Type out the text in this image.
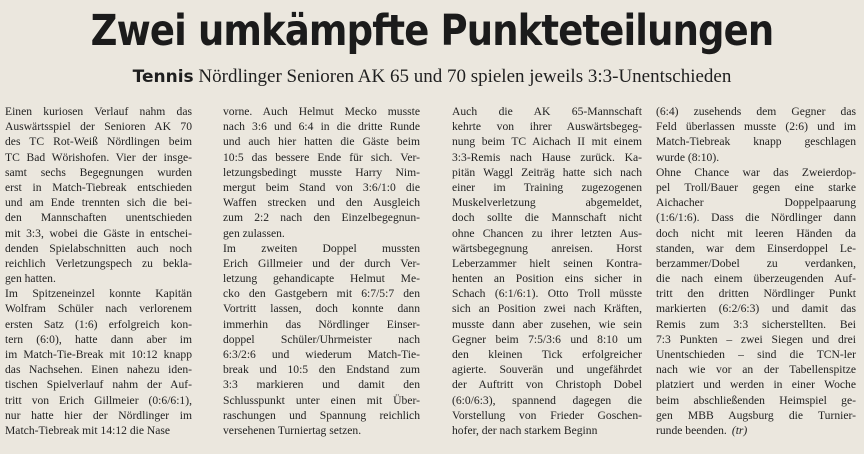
Zwei umkämpfte Punkteteilungen
Tennis Nördlinger Senioren AK 65 und 70 spielen jeweils 3:3-Unentschieden
Einen kuriosen Verlauf nahm das
Auswärtsspiel der Senioren AK 70
des TC Rot-Weiß Nördlingen beim
TC Bad Wörishofen. Vier der insge-
samt sechs Begegnungen wurden
erst in Match-Tiebreak entschieden
und am Ende trennten sich die bei-
den Mannschaften unentschieden
mit 3:3, wobei die Gäste in entschei-
denden Spielabschnitten auch noch
reichlich Verletzungspech zu bekla-
gen hatten.
Im Spitzeneinzel konnte Kapitän
Wolfram Schüler nach verlorenem
ersten Satz (1:6) erfolgreich kon-
tern (6:0), hatte dann aber im
im Match-Tie-Break mit 10:12 knapp
das Nachsehen. Einen nahezu iden-
tischen Spielverlauf nahm der Auf-
tritt von Erich Gillmeier (0:6/6:1),
nur hatte hier der Nördlinger im
Match-Tiebreak mit 14:12 die Nase
vorne. Auch Helmut Mecko musste
nach 3:6 und 6:4 in die dritte Runde
und auch hier hatten die Gäste beim
10:5 das bessere Ende für sich. Ver-
letzungsbedingt musste Harry Nim-
mergut beim Stand von 3:6/1:0 die
Waffen strecken und den Ausgleich
zum 2:2 nach den Einzelbegegnun-
gen zulassen.
Im zweiten Doppel mussten
Erich Gillmeier und der durch Ver-
letzung gehandicapte Helmut Me-
cko den Gastgebern mit 6:7/5:7 den
Vortritt lassen, doch konnte dann
immerhin das Nördlinger Einser-
doppel Schüler/Uhrmeister nach
6:3/2:6 und wiederum Match-Tie-
break und 10:5 den Endstand zum
3:3 markieren und damit den
Schlusspunkt unter einen mit Über-
raschungen und Spannung reichlich
versehenen Turniertag setzen.
Auch die AK 65-Mannschaft
kehrte von ihrer Auswärtsbegeg-
nung beim TC Aichach II mit einem
3:3-Remis nach Hause zurück. Ka-
pitän Waggl Zeiträg hatte sich nach
einer im Training zugezogenen
Muskelverletzung abgemeldet,
doch sollte die Mannschaft nicht
ohne Chancen zu ihrer letzten Aus-
wärtsbegegnung anreisen. Horst
Leberzammer hielt seinen Kontra-
henten an Position eins sicher in
Schach (6:1/6:1). Otto Troll müsste
sich an Position zwei nach Kräften,
musste dann aber zusehen, wie sein
Gegner beim 7:5/3:6 und 8:10 um
den kleinen Tick erfolgreicher
agierte. Souverän und ungefährdet
der Auftritt von Christoph Dobel
(6:0/6:3), spannend dagegen die
Vorstellung von Frieder Goschen-
hofer, der nach starkem Beginn
(6:4) zusehends dem Gegner das
Feld überlassen musste (2:6) und im
Match-Tiebreak knapp geschlagen
wurde (8:10).
Ohne Chance war das Zweierdop-
pel Troll/Bauer gegen eine starke
Aichacher Doppelpaarung
(1:6/1:6). Dass die Nördlinger dann
doch nicht mit leeren Händen da
standen, war dem Einserdoppel Le-
berzammer/Dobel zu verdanken,
die nach einem überzeugenden Auf-
tritt den dritten Nördlinger Punkt
markierten (6:2/6:3) und damit das
Remis zum 3:3 sicherstellten. Bei
7:3 Punkten – zwei Siegen und drei
Unentschieden – sind die TCN-ler
nach wie vor an der Tabellenspitze
platziert und werden in einer Woche
beim abschließenden Heimspiel ge-
gen MBB Augsburg die Turnier-
runde beenden. (tr)
